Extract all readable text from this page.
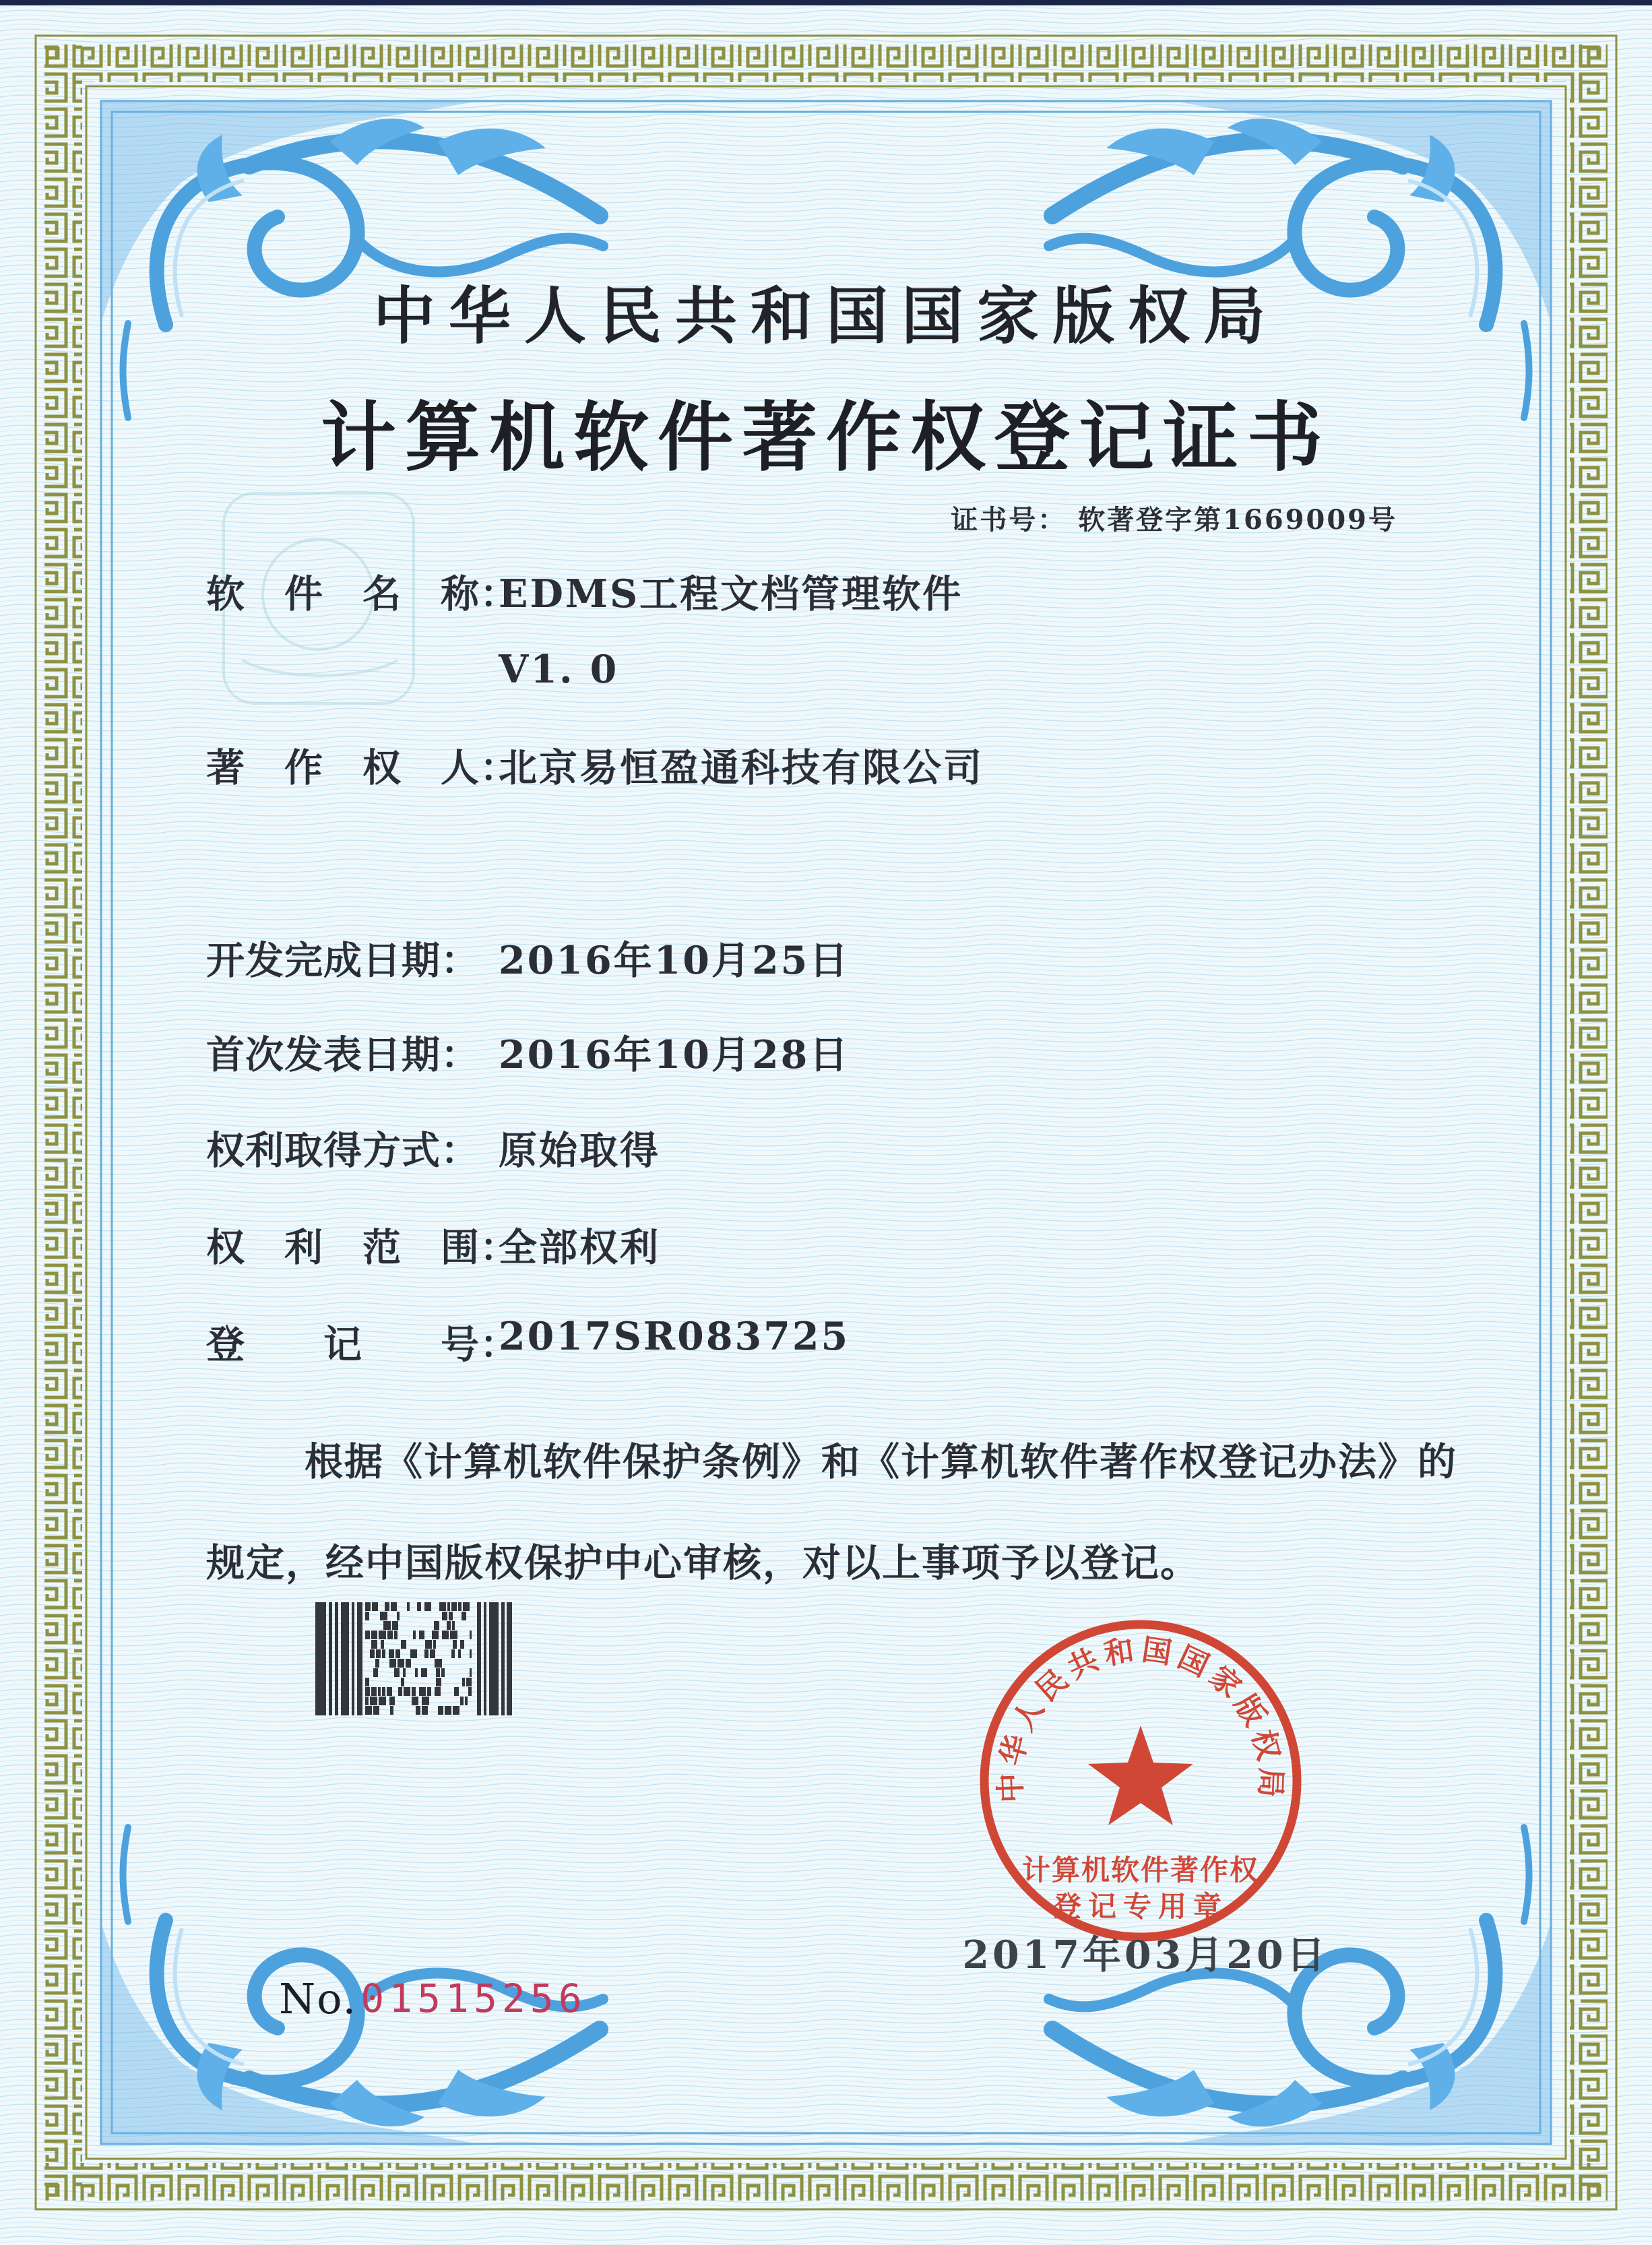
中华人民共和国国家版权局
计算机软件著作权登记证书
证书号： 软著登字第1669009号
软　件　名　称：
EDMS工程文档管理软件
V1. 0
著　作　权　人：
北京易恒盈通科技有限公司
开发完成日期： 2016年10月25日
首次发表日期： 2016年10月28日
权利取得方式： 原始取得
权　利　范　围：
全部权利
登　　记　　号：
2017SR083725
根据《计算机软件保护条例》和《计算机软件著作权登记办法》的
规定，经中国版权保护中心审核，对以上事项予以登记。
中华人民共和国国家版权局
计算机软件著作权
登记专用章
2017年03月20日
No. 01515256
